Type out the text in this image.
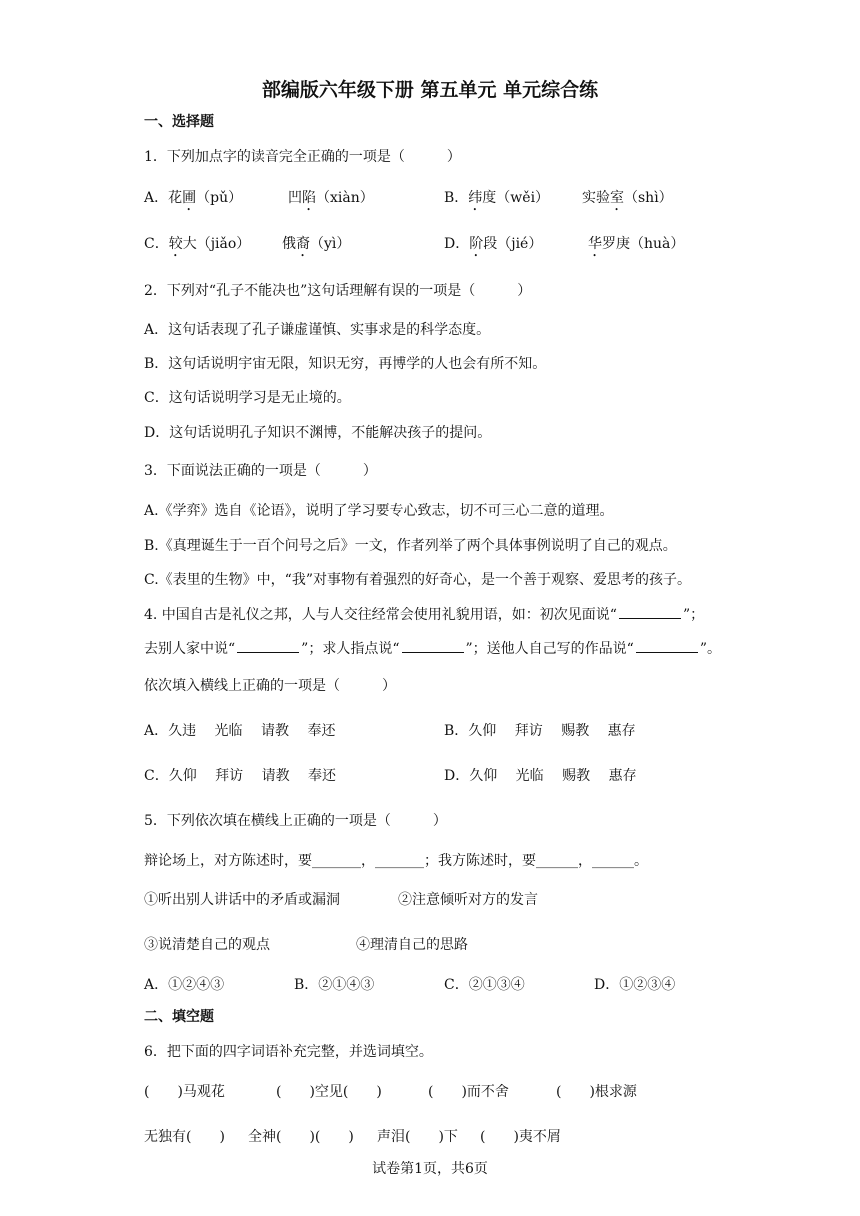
部编版六年级下册 第五单元 单元综合练
一、选择题
1．下列加点字的读音完全正确的一项是（　　　）
A．花圃（pǔ）	凹陷（xiàn）	B．纬度（wěi） 实验室（shì）
C．较大（jiǎo） 俄裔（yì）	D．阶段（jié）	华罗庚（huà）
2．下列对“孔子不能决也”这句话理解有误的一项是（　　　）
A．这句话表现了孔子谦虚谨慎、实事求是的科学态度。
B．这句话说明宇宙无限，知识无穷，再博学的人也会有所不知。
C．这句话说明学习是无止境的。
D．这句话说明孔子知识不渊博，不能解决孩子的提问。
3．下面说法正确的一项是（　　　）
A.《学弈》选自《论语》，说明了学习要专心致志，切不可三心二意的道理。
B.《真理诞生于一百个问号之后》一文，作者列举了两个具体事例说明了自己的观点。
C.《表里的生物》中，“我”对事物有着强烈的好奇心，是一个善于观察、爱思考的孩子。
4. 中国自古是礼仪之邦，人与人交往经常会使用礼貌用语，如：初次见面说“	”；
去别人家中说“	”；求人指点说“	”；送他人自己写的作品说“	”。
依次填入横线上正确的一项是（　　　）
A．久违　 光临　 请教　 奉还	B．久仰　 拜访　 赐教　 惠存
C．久仰　 拜访　 请教　 奉还	D．久仰　 光临　 赐教　 惠存
5．下列依次填在横线上正确的一项是（　　　）
辩论场上，对方陈述时，要_______，_______；我方陈述时，要______，______。
①听出别人讲话中的矛盾或漏洞	②注意倾听对方的发言
③说清楚自己的观点	④理清自己的思路
A．①②④③	B．②①④③	C．②①③④	D．①②③④
二、填空题
6．把下面的四字词语补充完整，并选词填空。
(　　)马观花	(　　)空见(　　)	(　　)而不舍	(　　)根求源
无独有(　　) 全神(　　)(　　) 声泪(　　)下 (　　)夷不屑
试卷第1页，共6页
